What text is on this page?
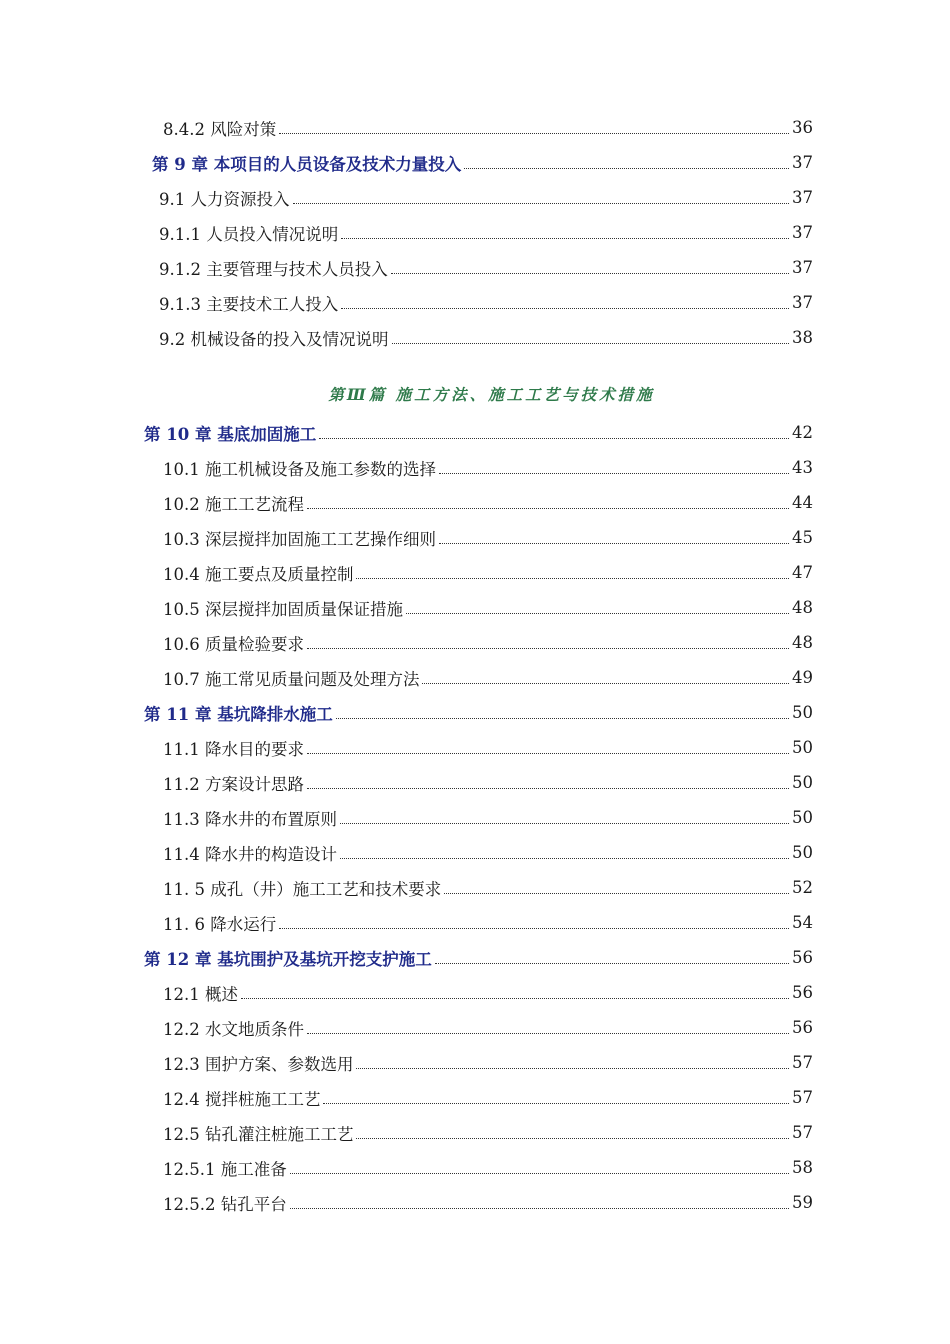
8.4.2 风险对策	36
第 9 章 本项目的人员设备及技术力量投入	37
9.1 人力资源投入	37
9.1.1 人员投入情况说明	37
9.1.2 主要管理与技术人员投入	37
9.1.3 主要技术工人投入	37
9.2 机械设备的投入及情况说明	38
第Ⅲ篇 施工方法、施工工艺与技术措施
第 10 章 基底加固施工	42
10.1 施工机械设备及施工参数的选择	43
10.2 施工工艺流程	44
10.3 深层搅拌加固施工工艺操作细则	45
10.4 施工要点及质量控制	47
10.5 深层搅拌加固质量保证措施	48
10.6 质量检验要求	48
10.7 施工常见质量问题及处理方法	49
第 11 章 基坑降排水施工	50
11.1 降水目的要求	50
11.2 方案设计思路	50
11.3 降水井的布置原则	50
11.4 降水井的构造设计	50
11. 5 成孔（井）施工工艺和技术要求	52
11. 6 降水运行	54
第 12 章 基坑围护及基坑开挖支护施工	56
12.1 概述	56
12.2 水文地质条件	56
12.3 围护方案、参数选用	57
12.4 搅拌桩施工工艺	57
12.5 钻孔灌注桩施工工艺	57
12.5.1 施工准备	58
12.5.2 钻孔平台	59
